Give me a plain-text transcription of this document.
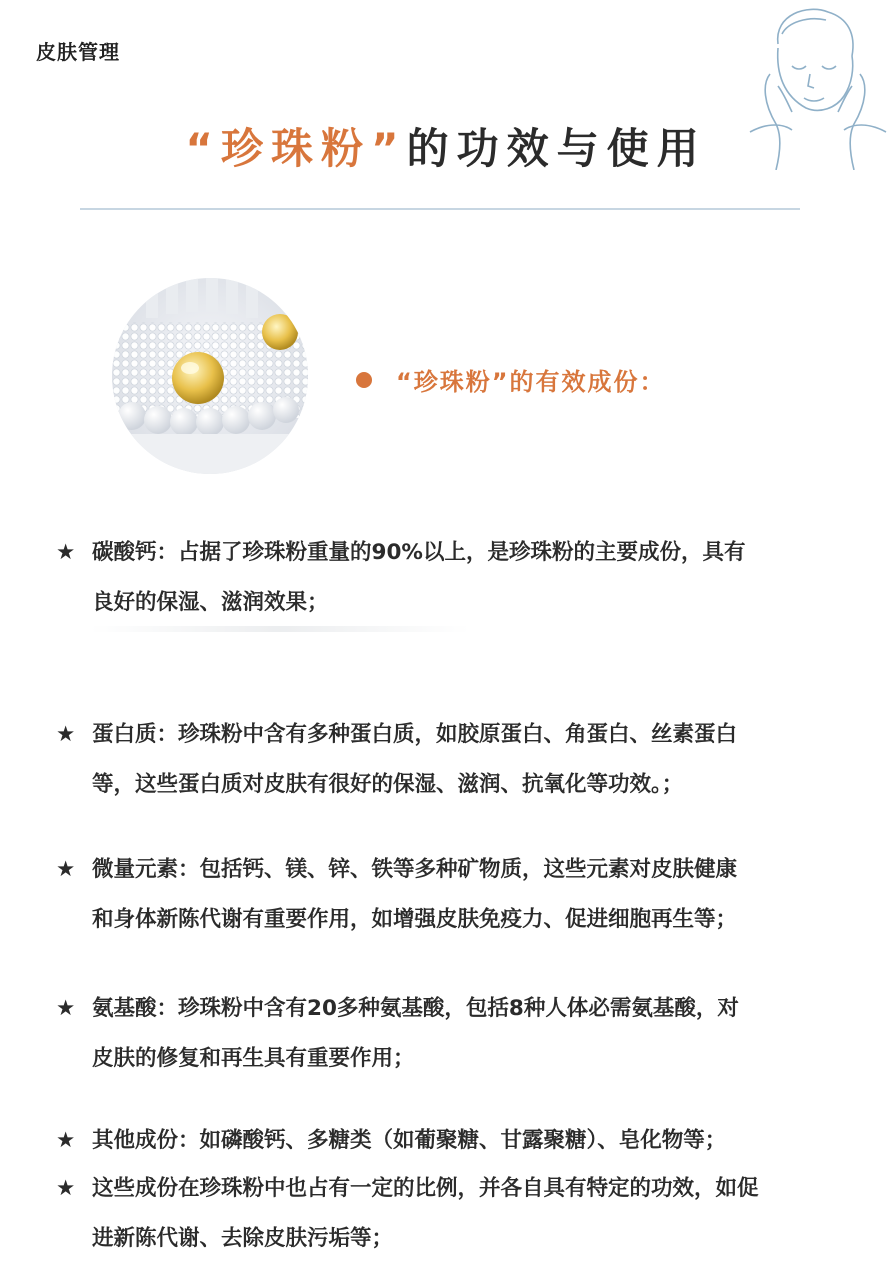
皮肤管理
“珍珠粉”的功效与使用
“珍珠粉”的有效成份：
★ 碳酸钙：占据了珍珠粉重量的90%以上，是珍珠粉的主要成份，具有
良好的保湿、滋润效果；
★ 蛋白质：珍珠粉中含有多种蛋白质，如胶原蛋白、角蛋白、丝素蛋白
等，这些蛋白质对皮肤有很好的保湿、滋润、抗氧化等功效。；
★ 微量元素：包括钙、镁、锌、铁等多种矿物质，这些元素对皮肤健康
和身体新陈代谢有重要作用，如增强皮肤免疫力、促进细胞再生等；
★ 氨基酸：珍珠粉中含有20多种氨基酸，包括8种人体必需氨基酸，对
皮肤的修复和再生具有重要作用；
★ 其他成份：如磷酸钙、多糖类（如葡聚糖、甘露聚糖）、皂化物等；
★ 这些成份在珍珠粉中也占有一定的比例，并各自具有特定的功效，如促
进新陈代谢、去除皮肤污垢等；
